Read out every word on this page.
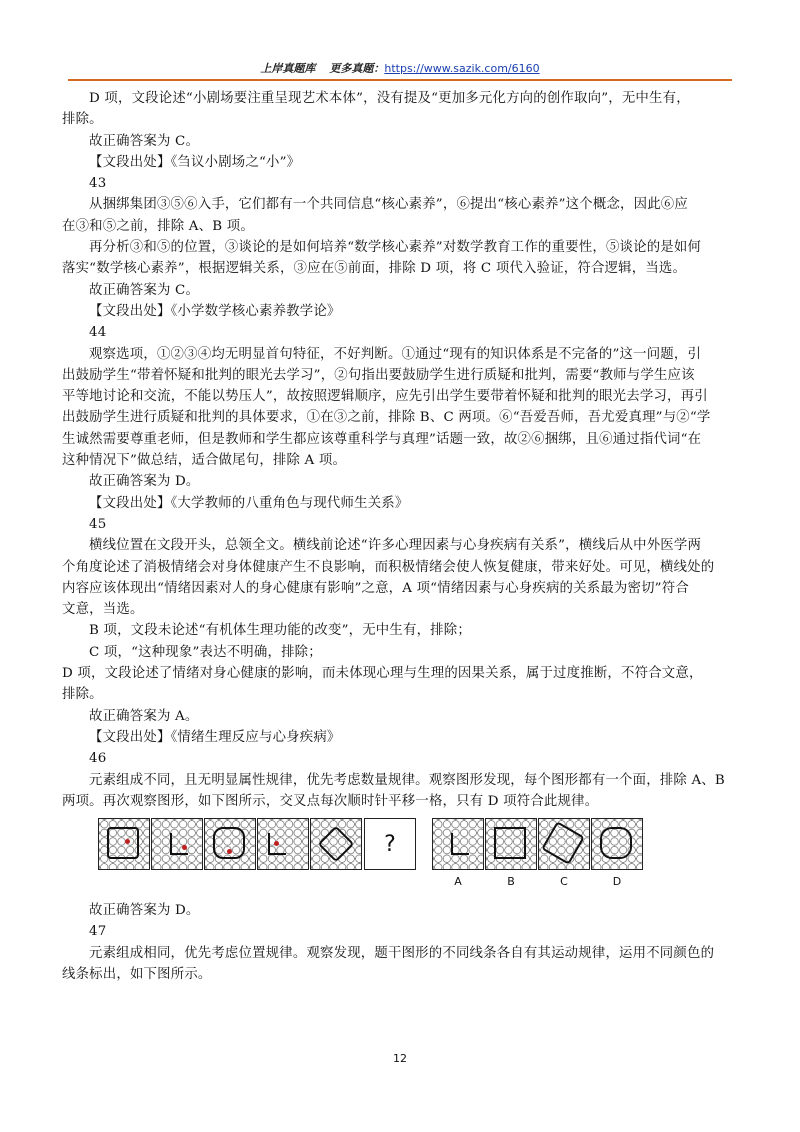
上岸真题库 更多真题：https://www.sazik.com/6160
D 项，文段论述“小剧场要注重呈现艺术本体”，没有提及“更加多元化方向的创作取向”，无中生有，
排除。
故正确答案为 C。
【文段出处】《刍议小剧场之“小”》
43
从捆绑集团③⑤⑥入手，它们都有一个共同信息“核心素养”，⑥提出“核心素养”这个概念，因此⑥应
在③和⑤之前，排除 A、B 项。
再分析③和⑤的位置，③谈论的是如何培养“数学核心素养”对数学教育工作的重要性，⑤谈论的是如何
落实“数学核心素养”，根据逻辑关系，③应在⑤前面，排除 D 项，将 C 项代入验证，符合逻辑，当选。
故正确答案为 C。
【文段出处】《小学数学核心素养教学论》
44
观察选项，①②③④均无明显首句特征，不好判断。①通过“现有的知识体系是不完备的”这一问题，引
出鼓励学生“带着怀疑和批判的眼光去学习”，②句指出要鼓励学生进行质疑和批判，需要“教师与学生应该
平等地讨论和交流，不能以势压人”，故按照逻辑顺序，应先引出学生要带着怀疑和批判的眼光去学习，再引
出鼓励学生进行质疑和批判的具体要求，①在③之前，排除 B、C 两项。⑥“吾爱吾师，吾尤爱真理”与②“学
生诚然需要尊重老师，但是教师和学生都应该尊重科学与真理”话题一致，故②⑥捆绑，且⑥通过指代词“在
这种情况下”做总结，适合做尾句，排除 A 项。
故正确答案为 D。
【文段出处】《大学教师的八重角色与现代师生关系》
45
横线位置在文段开头，总领全文。横线前论述“许多心理因素与心身疾病有关系”，横线后从中外医学两
个角度论述了消极情绪会对身体健康产生不良影响，而积极情绪会使人恢复健康，带来好处。可见，横线处的
内容应该体现出“情绪因素对人的身心健康有影响”之意，A 项“情绪因素与心身疾病的关系最为密切”符合
文意，当选。
B 项，文段未论述“有机体生理功能的改变”，无中生有，排除；
C 项，“这种现象”表达不明确，排除；
D 项，文段论述了情绪对身心健康的影响，而未体现心理与生理的因果关系，属于过度推断，不符合文意，
排除。
故正确答案为 A。
【文段出处】《情绪生理反应与心身疾病》
46
元素组成不同，且无明显属性规律，优先考虑数量规律。观察图形发现，每个图形都有一个面，排除 A、B
两项。再次观察图形，如下图所示，交叉点每次顺时针平移一格，只有 D 项符合此规律。
?
A	B	C	D
故正确答案为 D。
47
元素组成相同，优先考虑位置规律。观察发现，题干图形的不同线条各自有其运动规律，运用不同颜色的
线条标出，如下图所示。
12
